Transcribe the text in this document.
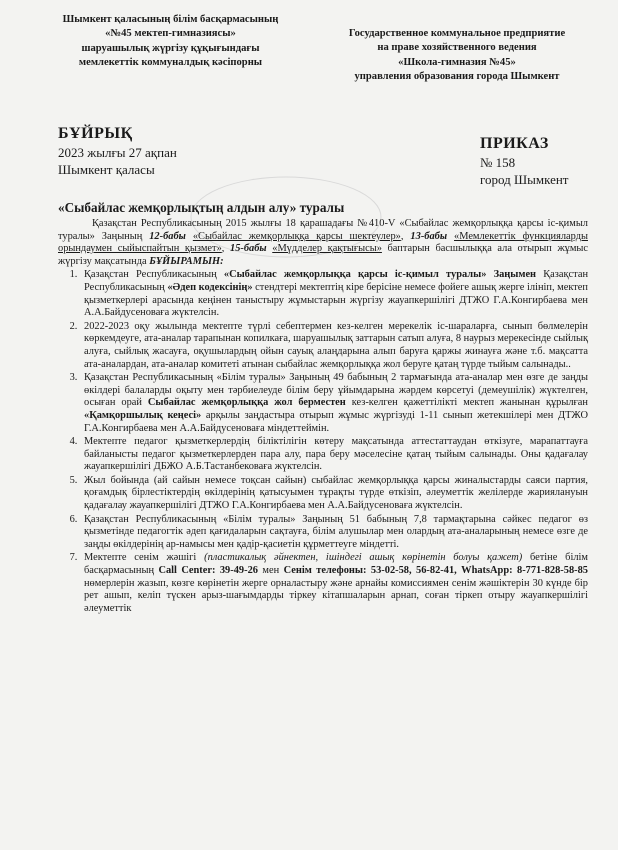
Шымкент қаласының білім басқармасының
«№45 мектеп-гимназиясы»
шаруашылық жүргізу құқығындағы
мемлекеттік коммуналдық кәсіпорны
Государственное коммунальное предприятие
на праве хозяйственного ведения
«Школа-гимназия №45»
управления образования города Шымкент
БҰЙРЫҚ
2023 жылғы 27 ақпан
Шымкент қаласы
ПРИКАЗ
№ 158
город Шымкент
«Сыбайлас жемқорлықтың алдын алу» туралы

Қазақстан Республикасының 2015 жылғы 18 қарашадағы №410-V «Сыбайлас жемқорлыққа қарсы іс-қимыл туралы» Заңының 12-бабы «Сыбайлас жемқорлыққа қарсы шектеулер», 13-бабы «Мемлекеттік функцияларды орындаумен сыйыспайтын қызмет», 15-бабы «Мүдделер қақтығысы» баптарын басшылыққа ала отырып жұмыс жүргізу мақсатында БҰЙЫРАМЫН:

1. Қазақстан Республикасының «Сыбайлас жемқорлыққа қарсы іс-қимыл туралы» Заңымен Қазақстан Республикасының «Әдеп кодексінің» стендтері мектептің кіре берісіне немесе фойеге ашық жерге ілініп, мектеп қызметкерлері арасында кеңінен таныстыру жұмыстарын жүргізу жауапкершілігі ДТЖО Г.А.Конгирбаева мен А.А.Байдусеноваға жүктелсін.
2. 2022-2023 оқу жылында мектепте түрлі себептермен кез-келген мерекелік іс-шараларға, сынып бөлмелерін көркемдеуге, ата-аналар тарапынан копилкаға, шаруашылық заттарын сатып алуға, 8 наурыз мерекесінде сыйлық алуға, сыйлық жасауға, оқушылардың ойын сауық алаңдарына алып баруға қаржы жинауға және т.б. мақсатта ата-аналардан, ата-аналар комитеті атынан сыбайлас жемқорлыққа жол беруге қатаң түрде тыйым салынады..
3. Қазақстан Республикасының «Білім туралы» Заңының 49 бабының 2 тармағында ата-аналар мен өзге де заңды өкілдері балаларды оқыту мен тәрбиелеуде білім беру ұйымдарына жәрдем көрсетуі (демеушілік) жүктелген, осыған орай Сыбайлас жемқорлыққа жол берместен кез-келген қажеттілікті мектеп жанынан құрылған «Қамқоршылық кеңесі» арқылы заңдастыра отырып жұмыс жүргізуді 1-11 сынып жетекшілері мен ДТЖО Г.А.Конгирбаева мен А.А.Байдусеноваға міндеттеймін.
4. Мектепте педагог қызметкерлердің біліктілігін көтеру мақсатында аттестаттаудан өткізуге, марапаттауға байланысты педагог қызметкерлерден пара алу, пара беру мәселесіне қатаң тыйым салынады. Оны қадағалау жауапкершілігі ДБЖО А.Б.Тастанбековаға жүктелсін.
5. Жыл бойында (ай сайын немесе тоқсан сайын) сыбайлас жемқорлыққа қарсы жиналыстарды саяси партия, қоғамдық бірлестіктердің өкілдерінің қатысуымен тұрақты түрде өткізіп, әлеуметтік желілерде жариялануын қадағалау жауапкершілігі ДТЖО Г.А.Конгирбаева мен А.А.Байдусеноваға жүктелсін.
6. Қазақстан Республикасының «Білім туралы» Заңының 51 бабының 7,8 тармақтарына сәйкес педагог өз қызметінде педагогтік әдеп қағидаларын сақтауға, білім алушылар мен олардың ата-аналарының немесе өзге де заңды өкілдерінің ар-намысы мен қадір-қасиетін құрметтеуге міндетті.
7. Мектепте сенім жәшігі (пластикалық әйнектен, ішіндегі ашық көрінетін болуы қажет) бетіне білім басқармасының Call Center: 39-49-26 мен Сенім телефоны: 53-02-58, 56-82-41, WhatsApp: 8-771-828-58-85 нөмерлерін жазып, көзге көрінетін жерге орналастыру және арнайы комиссиямен сенім жәшіктерін 30 күнде бір рет ашып, келіп түскен арыз-шағымдарды тіркеу кітапшаларын арнап, соған тіркеп отыру жауапкершілігі әлеуметтік
